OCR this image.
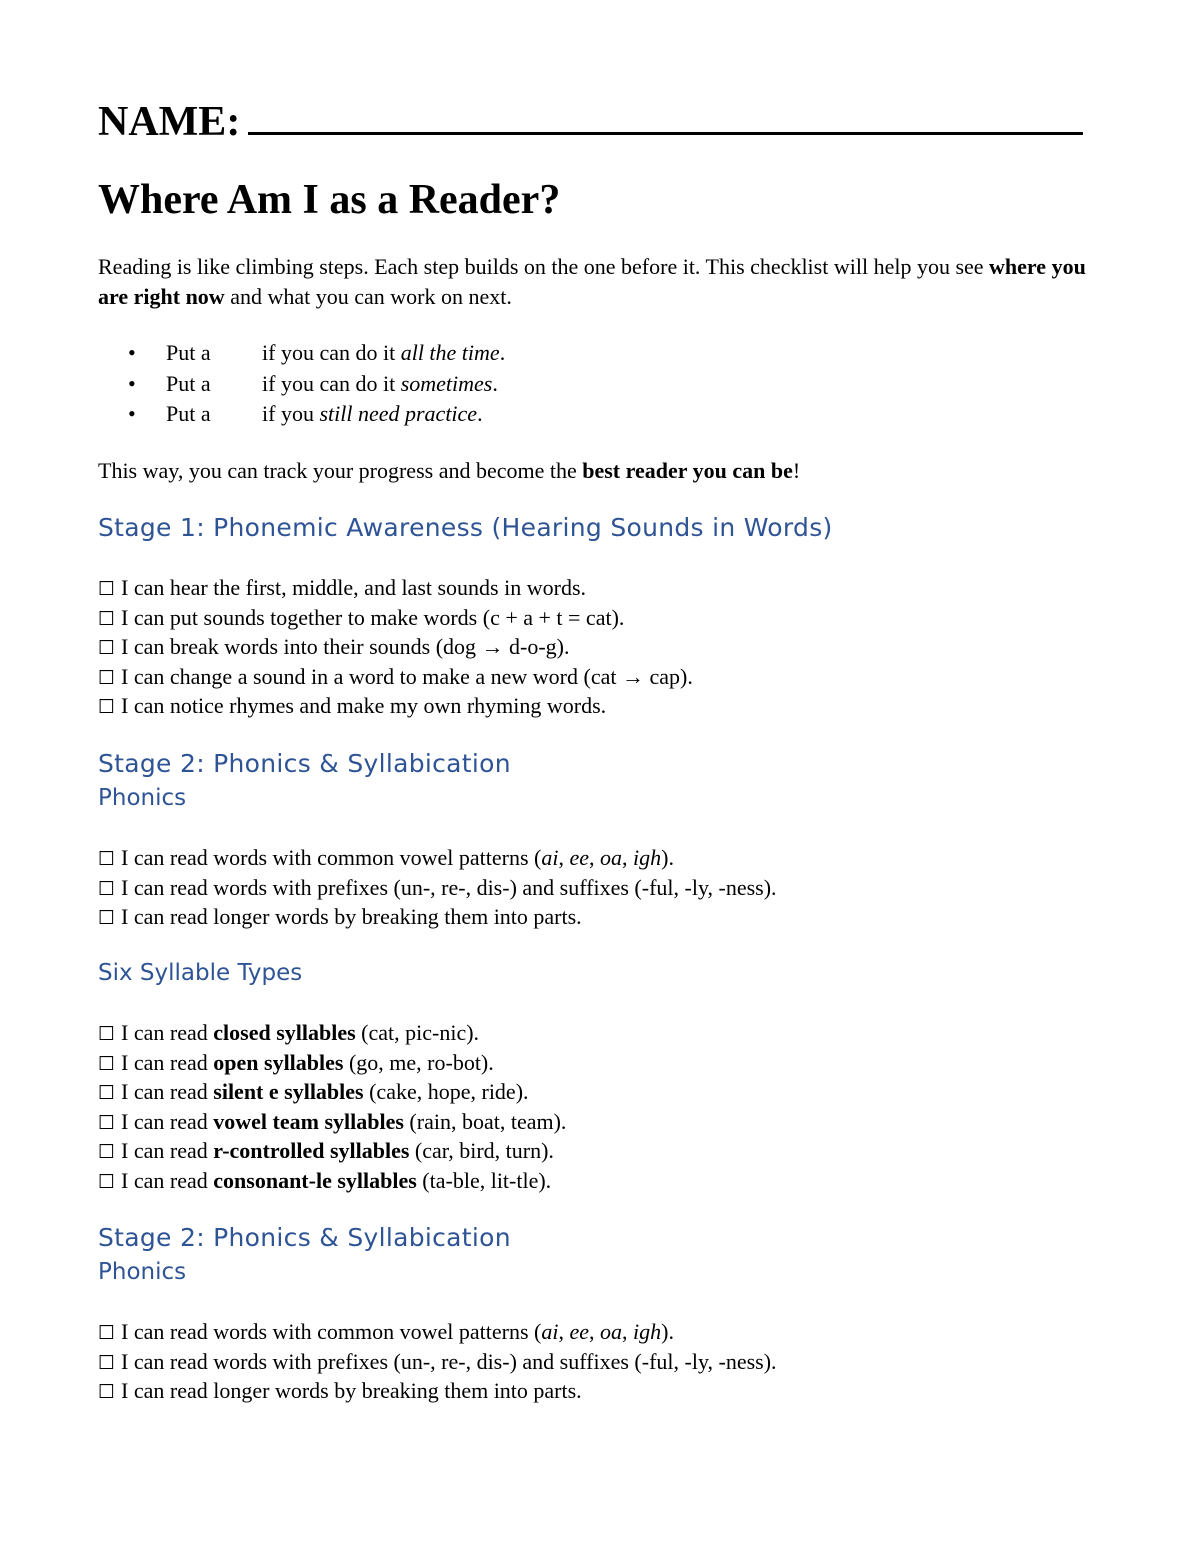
NAME:
Where Am I as a Reader?

Reading is like climbing steps. Each step builds on the one before it. This checklist will help you see where you are right now and what you can work on next.

• Put a if you can do it all the time.
• Put a if you can do it sometimes.
• Put a if you still need practice.

This way, you can track your progress and become the best reader you can be!

Stage 1: Phonemic Awareness (Hearing Sounds in Words)
☐ I can hear the first, middle, and last sounds in words.
☐ I can put sounds together to make words (c + a + t = cat).
☐ I can break words into their sounds (dog → d-o-g).
☐ I can change a sound in a word to make a new word (cat → cap).
☐ I can notice rhymes and make my own rhyming words.
Stage 2: Phonics & Syllabication
Phonics
☐ I can read words with common vowel patterns (ai, ee, oa, igh).
☐ I can read words with prefixes (un-, re-, dis-) and suffixes (-ful, -ly, -ness).
☐ I can read longer words by breaking them into parts.
Six Syllable Types
☐ I can read closed syllables (cat, pic-nic).
☐ I can read open syllables (go, me, ro-bot).
☐ I can read silent e syllables (cake, hope, ride).
☐ I can read vowel team syllables (rain, boat, team).
☐ I can read r-controlled syllables (car, bird, turn).
☐ I can read consonant-le syllables (ta-ble, lit-tle).
Stage 2: Phonics & Syllabication
Phonics
☐ I can read words with common vowel patterns (ai, ee, oa, igh).
☐ I can read words with prefixes (un-, re-, dis-) and suffixes (-ful, -ly, -ness).
☐ I can read longer words by breaking them into parts.
